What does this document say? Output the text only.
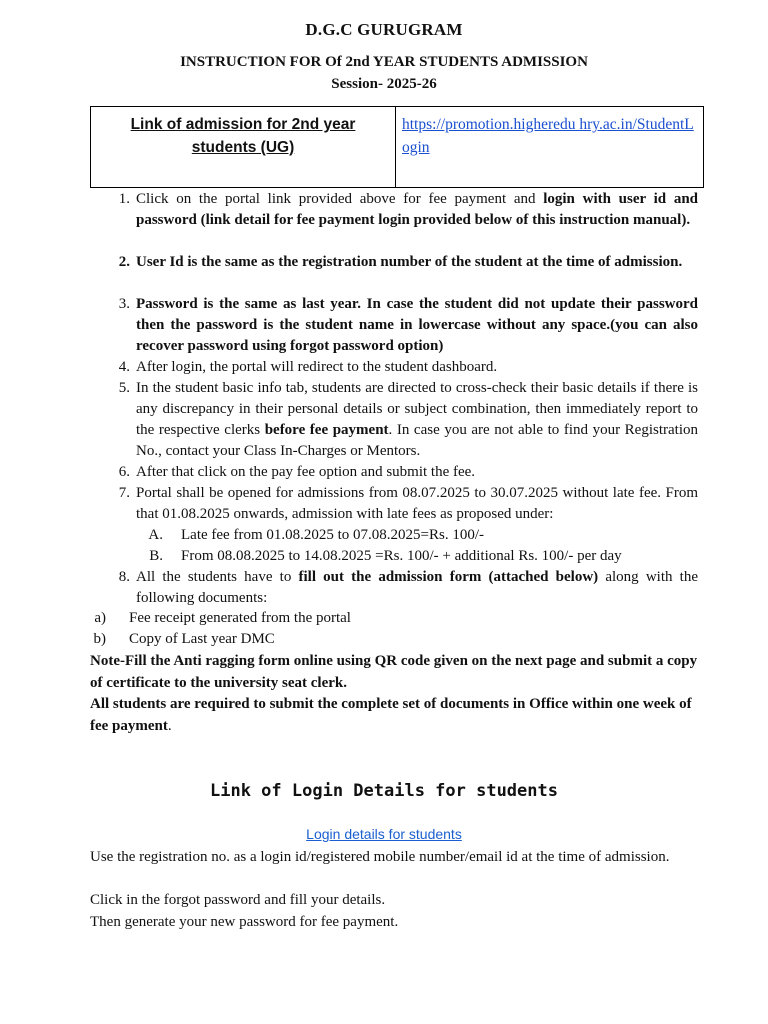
D.G.C GURUGRAM
INSTRUCTION FOR Of 2nd YEAR STUDENTS ADMISSION
Session- 2025-26
Link of admission for 2nd year students (UG)	https://promotion.higheredu hry.ac.in/StudentLogin
1. Click on the portal link provided above for fee payment and login with user id and password (link detail for fee payment login provided below of this instruction manual).
2. User Id is the same as the registration number of the student at the time of admission.
3. Password is the same as last year. In case the student did not update their password then the password is the student name in lowercase without any space.(you can also recover password using forgot password option)
4. After login, the portal will redirect to the student dashboard.
5. In the student basic info tab, students are directed to cross-check their basic details if there is any discrepancy in their personal details or subject combination, then immediately report to the respective clerks before fee payment. In case you are not able to find your Registration No., contact your Class In-Charges or Mentors.
6. After that click on the pay fee option and submit the fee.
7. Portal shall be opened for admissions from 08.07.2025 to 30.07.2025 without late fee. From that 01.08.2025 onwards, admission with late fees as proposed under:
A. Late fee from 01.08.2025 to 07.08.2025=Rs. 100/-
B. From 08.08.2025 to 14.08.2025 =Rs. 100/- + additional Rs. 100/- per day
8. All the students have to fill out the admission form (attached below) along with the following documents:
a) Fee receipt generated from the portal
b) Copy of Last year DMC
Note-Fill the Anti ragging form online using QR code given on the next page and submit a copy of certificate to the university seat clerk.
All students are required to submit the complete set of documents in Office within one week of fee payment.
Link of Login Details for students
Login details for students
Use the registration no. as a login id/registered mobile number/email id at the time of admission.
Click in the forgot password and fill your details.
Then generate your new password for fee payment.
